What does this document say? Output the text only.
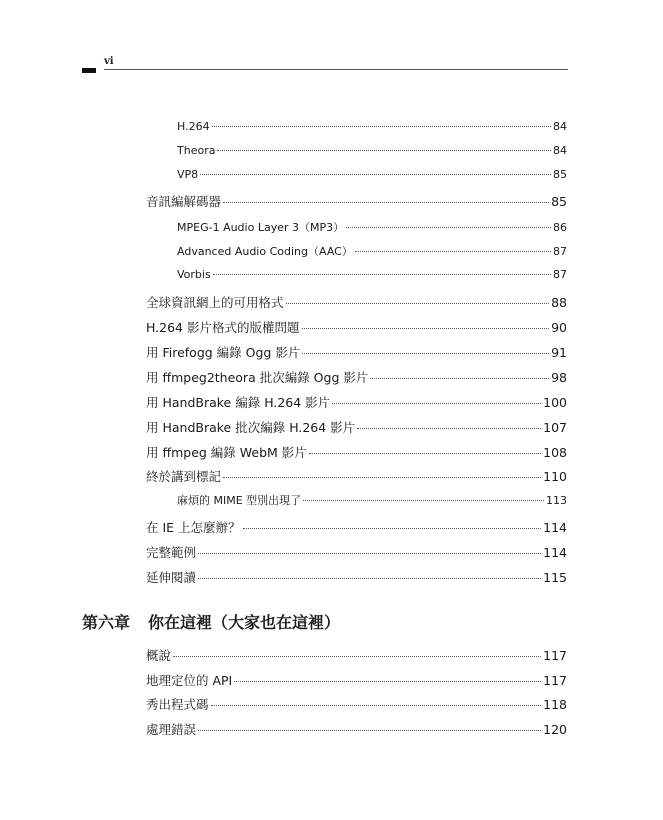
vi
H.264	84
Theora	84
VP8	85
音訊編解碼器	85
MPEG-1 Audio Layer 3（MP3）	86
Advanced Audio Coding（AAC）	87
Vorbis	87
全球資訊網上的可用格式	88
H.264 影片格式的版權問題	90
用 Firefogg 編錄 Ogg 影片	91
用 ffmpeg2theora 批次編錄 Ogg 影片	98
用 HandBrake 編錄 H.264 影片	100
用 HandBrake 批次編錄 H.264 影片	107
用 ffmpeg 編錄 WebM 影片	108
終於講到標記	110
麻煩的 MIME 型別出現了	113
在 IE 上怎麼辦？	114
完整範例	114
延伸閱讀	115
第六章 你在這裡（大家也在這裡）
概說	117
地理定位的 API	117
秀出程式碼	118
處理錯誤	120
